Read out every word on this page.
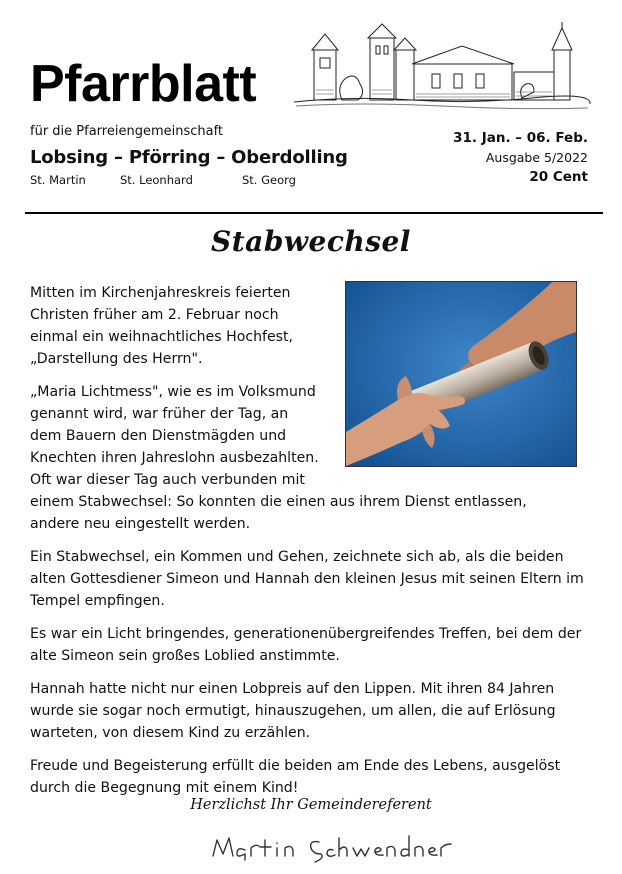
Pfarrblatt
für die Pfarreiengemeinschaft
Lobsing – Pförring – Oberdolling
St. Martin	St. Leonhard	St. Georg
31. Jan. – 06. Feb.
Ausgabe 5/2022
20 Cent
Stabwechsel

Mitten im Kirchenjahreskreis feierten Christen früher am 2. Februar noch einmal ein weihnachtliches Hochfest, „Darstellung des Herrn".

„Maria Lichtmess", wie es im Volksmund
genannt wird, war früher der Tag, an
dem Bauern den Dienstmägden und
Knechten ihren Jahreslohn ausbezahlten.
Oft war dieser Tag auch verbunden mit
einem Stabwechsel: So konnten die einen aus ihrem Dienst entlassen,
andere neu eingestellt werden.

Ein Stabwechsel, ein Kommen und Gehen, zeichnete sich ab, als die beiden alten Gottesdiener Simeon und Hannah den kleinen Jesus mit seinen Eltern im Tempel empfingen.

Es war ein Licht bringendes, generationenübergreifendes Treffen, bei dem der alte Simeon sein großes Loblied anstimmte.

Hannah hatte nicht nur einen Lobpreis auf den Lippen. Mit ihren 84 Jahren wurde sie sogar noch ermutigt, hinauszugehen, um allen, die auf Erlösung warteten, von diesem Kind zu erzählen.

Freude und Begeisterung erfüllt die beiden am Ende des Lebens, ausgelöst durch die Begegnung mit einem Kind!

Herzlichst Ihr Gemeindereferent
